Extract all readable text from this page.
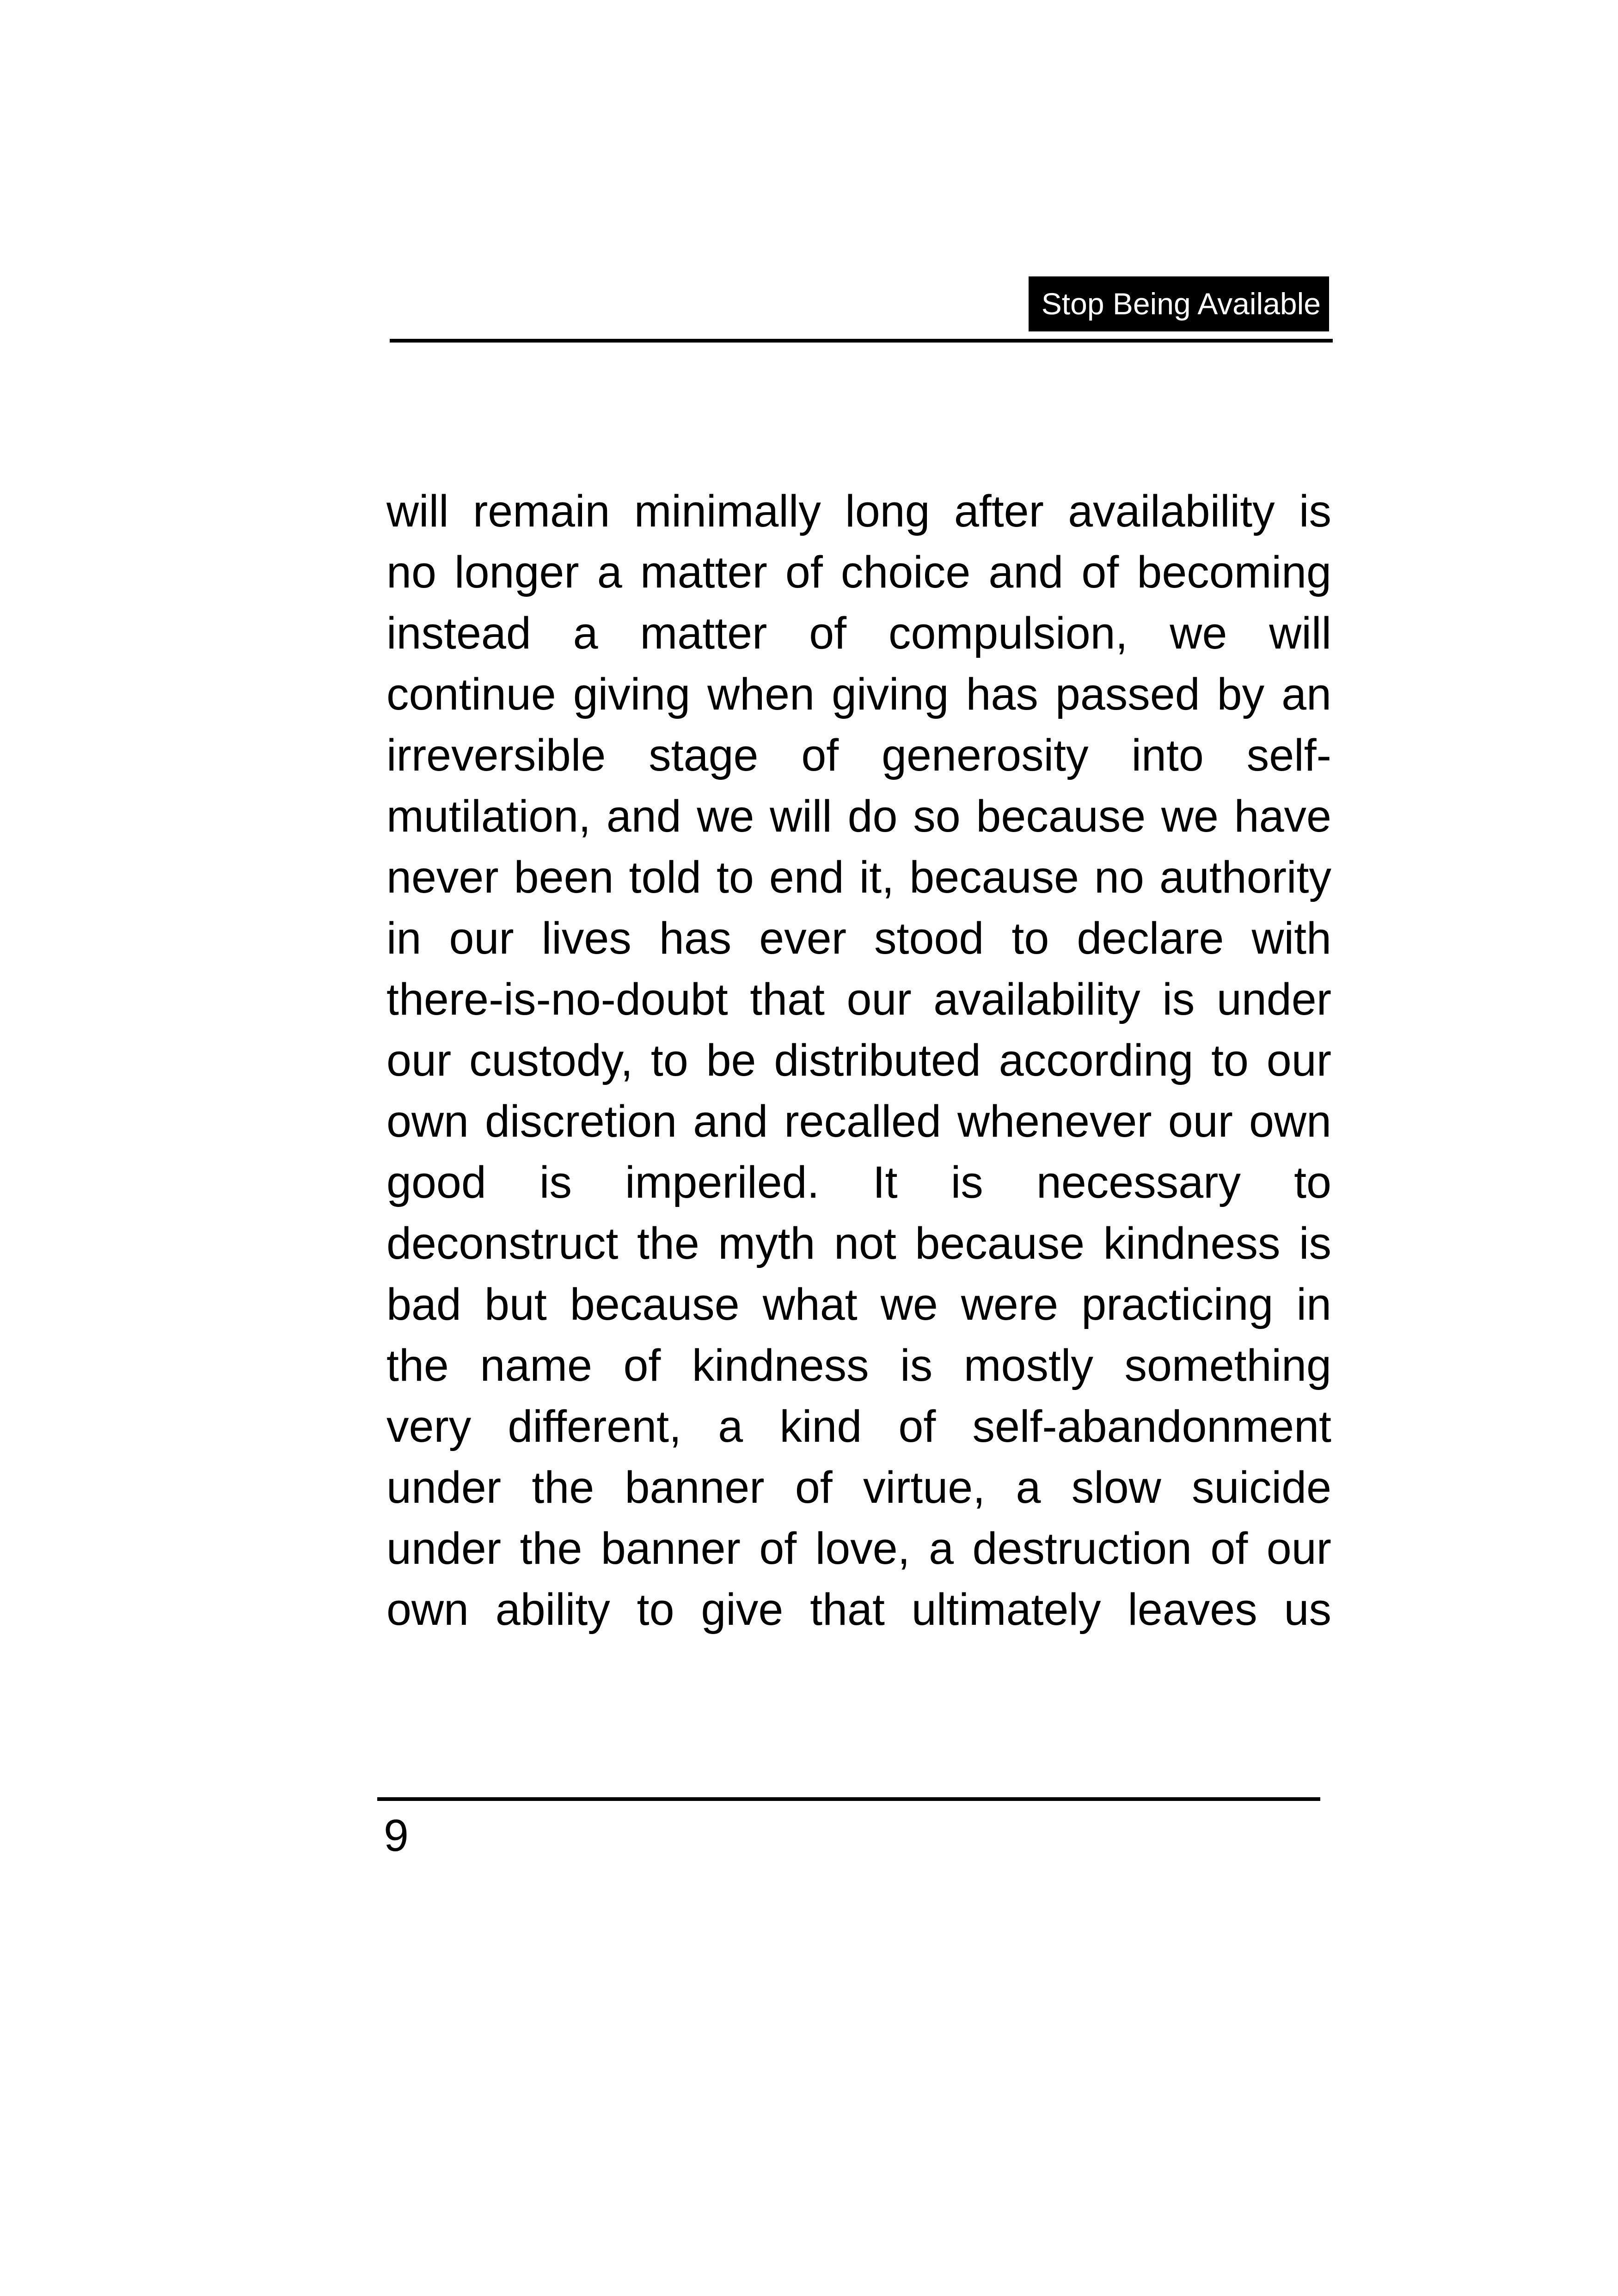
Stop Being Available
will remain minimally long after availability is
no longer a matter of choice and of becoming
instead a matter of compulsion, we will
continue giving when giving has passed by an
irreversible stage of generosity into self-
mutilation, and we will do so because we have
never been told to end it, because no authority
in our lives has ever stood to declare with
there-is-no-doubt that our availability is under
our custody, to be distributed according to our
own discretion and recalled whenever our own
good is imperiled. It is necessary to
deconstruct the myth not because kindness is
bad but because what we were practicing in
the name of kindness is mostly something
very different, a kind of self-abandonment
under the banner of virtue, a slow suicide
under the banner of love, a destruction of our
own ability to give that ultimately leaves us
9
